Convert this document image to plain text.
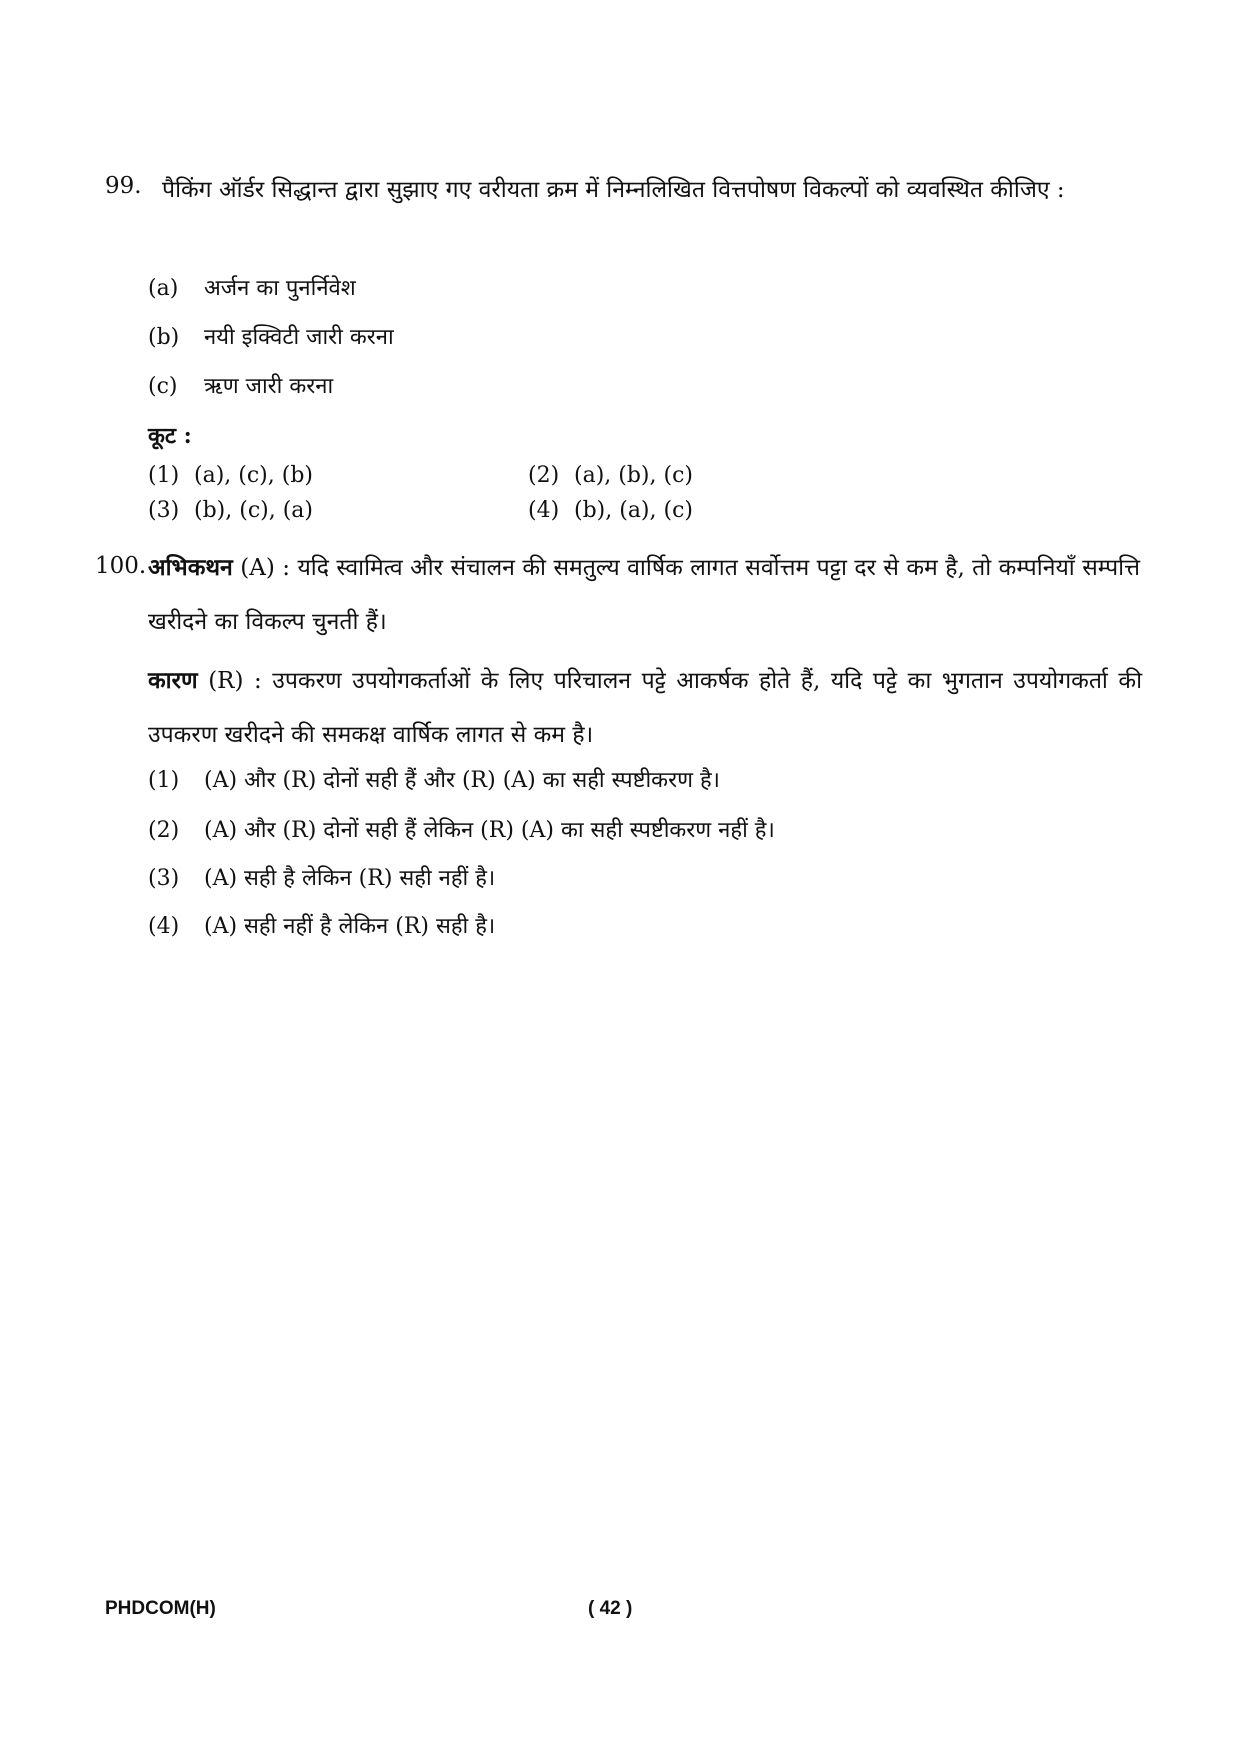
99. पैकिंग ऑर्डर सिद्धान्त द्वारा सुझाए गए वरीयता क्रम में निम्नलिखित वित्तपोषण विकल्पों को व्यवस्थित कीजिए :
(a) अर्जन का पुनर्निवेश
(b) नयी इक्विटी जारी करना
(c) ऋण जारी करना
कूट :
(1) (a), (c), (b)	(2) (a), (b), (c)
(3) (b), (c), (a)	(4) (b), (a), (c)
100. अभिकथन (A) : यदि स्वामित्व और संचालन की समतुल्य वार्षिक लागत सर्वोत्तम पट्टा दर से कम है, तो कम्पनियाँ सम्पत्ति खरीदने का विकल्प चुनती हैं।
कारण (R) : उपकरण उपयोगकर्ताओं के लिए परिचालन पट्टे आकर्षक होते हैं, यदि पट्टे का भुगतान उपयोगकर्ता की उपकरण खरीदने की समकक्ष वार्षिक लागत से कम है।
(1) (A) और (R) दोनों सही हैं और (R) (A) का सही स्पष्टीकरण है।
(2) (A) और (R) दोनों सही हैं लेकिन (R) (A) का सही स्पष्टीकरण नहीं है।
(3) (A) सही है लेकिन (R) सही नहीं है।
(4) (A) सही नहीं है लेकिन (R) सही है।
PHDCOM(H)	( 42 )
